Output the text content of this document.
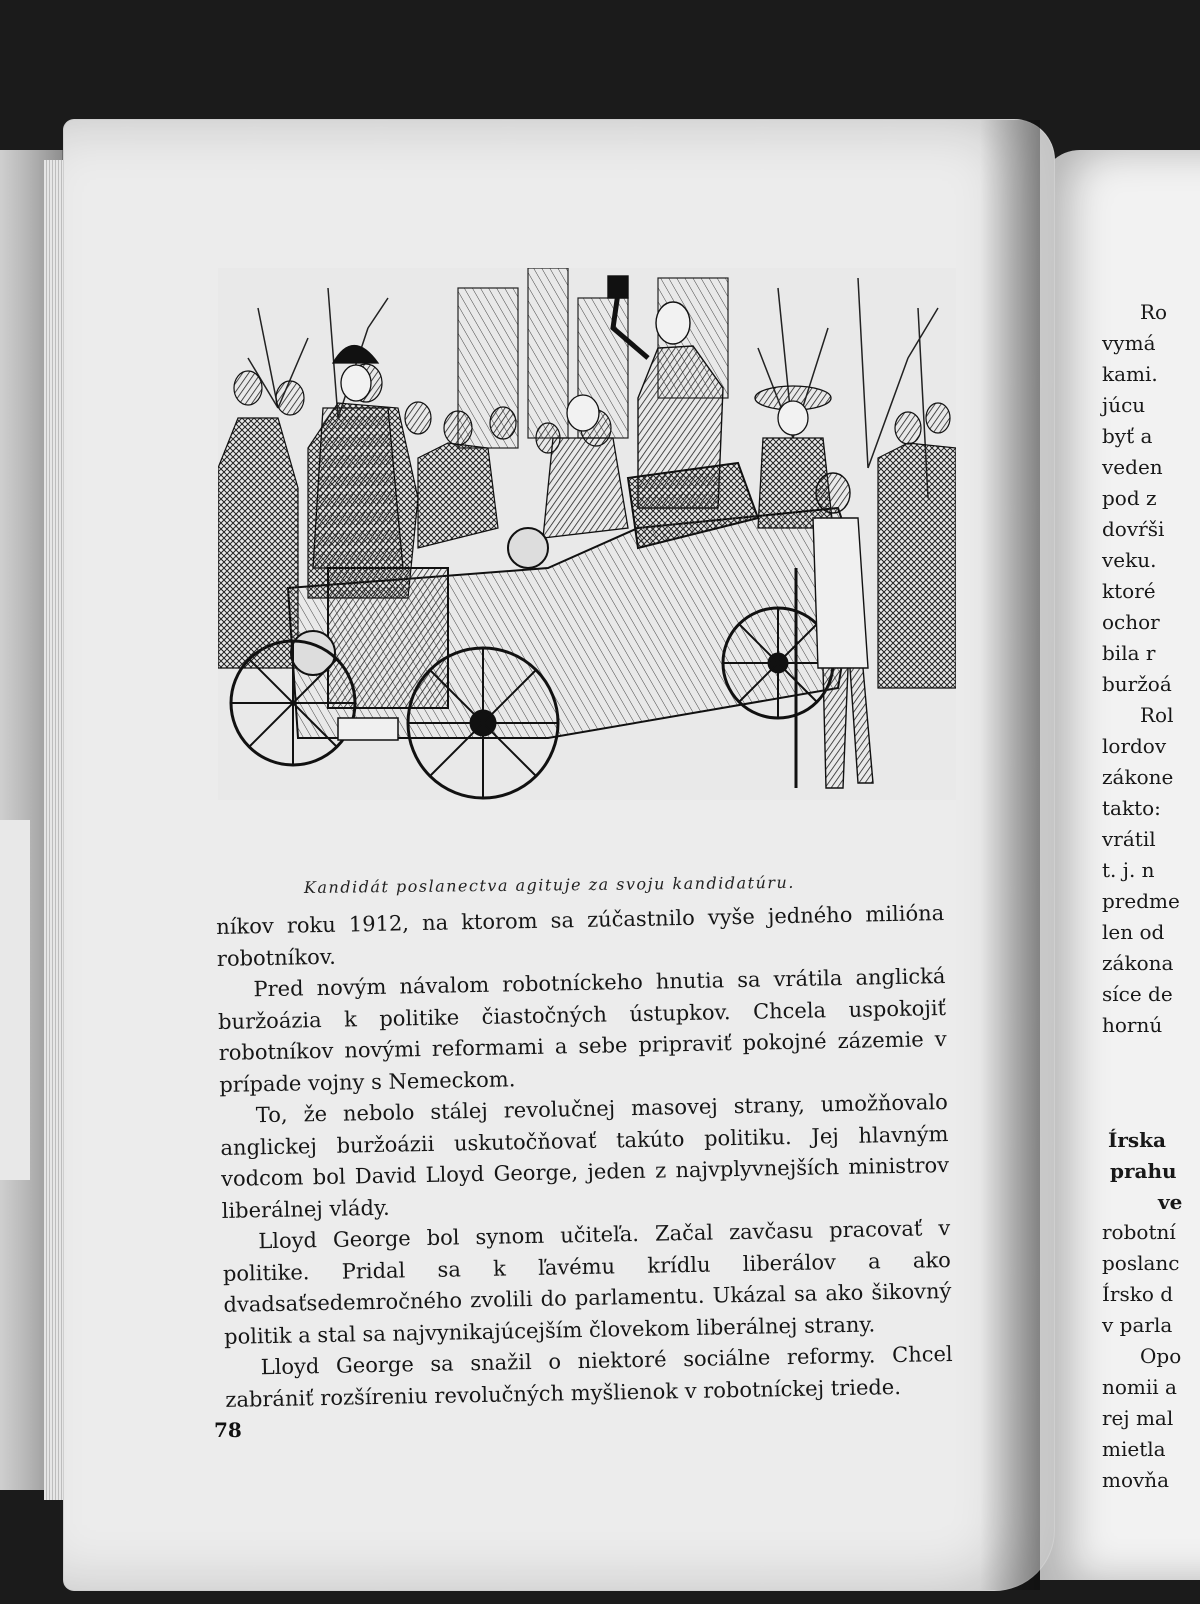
Ro
vymá
kami.
júcu
byť a
veden
pod z
dovŕši
veku.
ktoré
ochor
bila r
buržoá
Rol
lordov
zákone
takto:
vrátil
t. j. n
predme
len od
zákona
síce de
hornú
Írska
prahu
ve
robotní
poslanc
Írsko d
v parla
Opo
nomii a
rej mal
mietla
movňa
Kandidát poslanectva agituje za svoju kandidatúru.

níkov roku 1912, na ktorom sa zúčastnilo vyše jedného milióna robotníkov.

Pred novým návalom robotníckeho hnutia sa vrátila anglická buržoázia k politike čiastočných ústupkov. Chcela uspokojiť robotníkov novými reformami a sebe pripraviť pokojné zázemie v prípade vojny s Nemeckom.

To, že nebolo stálej revolučnej masovej strany, umožňovalo anglickej buržoázii uskutočňovať takúto politiku. Jej hlavným vodcom bol David Lloyd George, jeden z najvplyvnejších ministrov liberálnej vlády.

Lloyd George bol synom učiteľa. Začal zavčasu pracovať v politike. Pridal sa k ľavému krídlu liberálov a ako dvadsaťsedemročného zvolili do parlamentu. Ukázal sa ako šikovný politik a stal sa najvynikajúcejším človekom liberálnej strany.

Lloyd George sa snažil o niektoré sociálne reformy. Chcel zabrániť rozšíreniu revolučných myšlienok v robotníckej triede.

78
